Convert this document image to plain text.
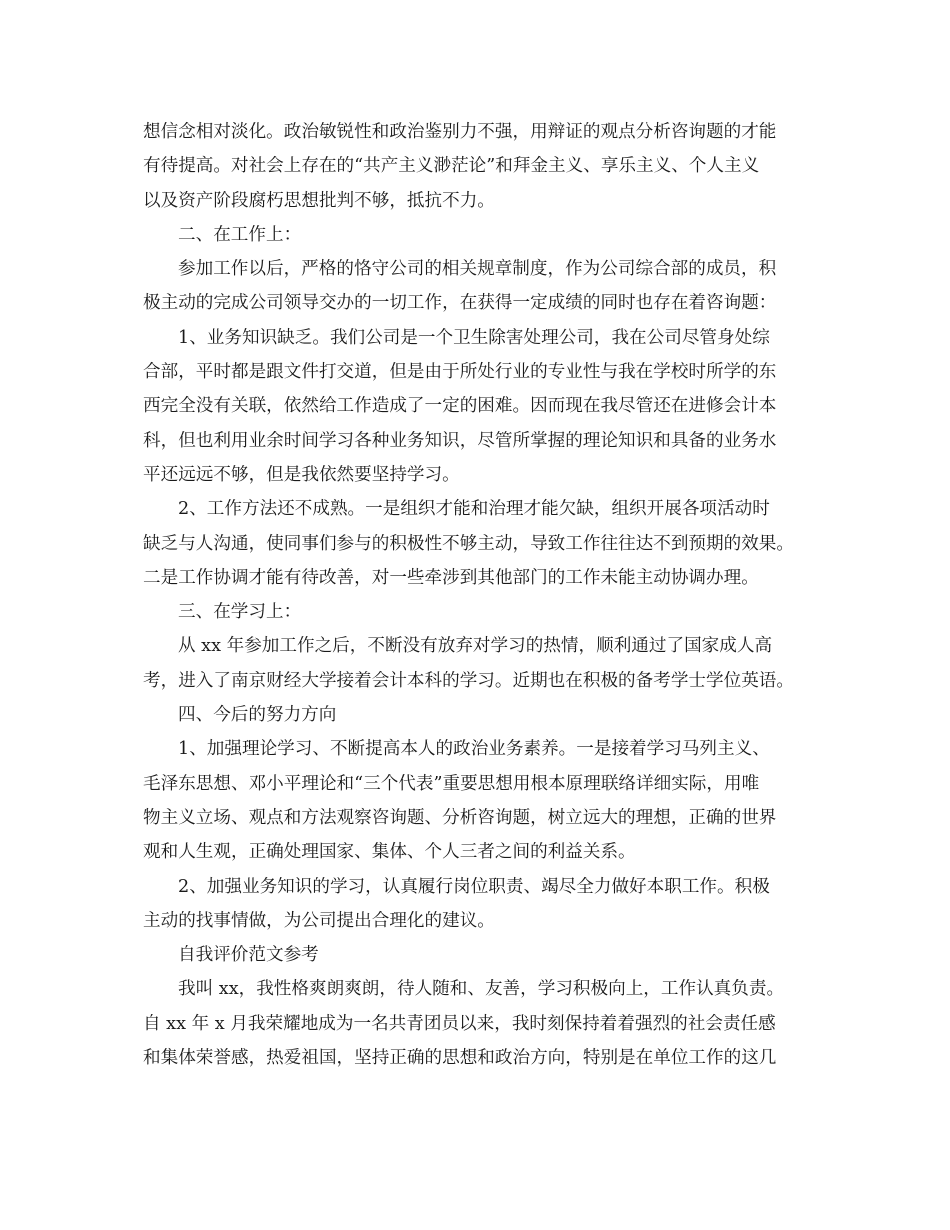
想信念相对淡化。政治敏锐性和政治鉴别力不强，用辩证的观点分析咨询题的才能
有待提高。对社会上存在的“共产主义渺茫论”和拜金主义、享乐主义、个人主义
以及资产阶段腐朽思想批判不够，抵抗不力。
二、在工作上：
参加工作以后，严格的恪守公司的相关规章制度，作为公司综合部的成员，积
极主动的完成公司领导交办的一切工作，在获得一定成绩的同时也存在着咨询题：
1、业务知识缺乏。我们公司是一个卫生除害处理公司，我在公司尽管身处综
合部，平时都是跟文件打交道，但是由于所处行业的专业性与我在学校时所学的东
西完全没有关联，依然给工作造成了一定的困难。因而现在我尽管还在进修会计本
科，但也利用业余时间学习各种业务知识，尽管所掌握的理论知识和具备的业务水
平还远远不够，但是我依然要坚持学习。
2、工作方法还不成熟。一是组织才能和治理才能欠缺，组织开展各项活动时
缺乏与人沟通，使同事们参与的积极性不够主动，导致工作往往达不到预期的效果。
二是工作协调才能有待改善，对一些牵涉到其他部门的工作未能主动协调办理。
三、在学习上：
从 xx 年参加工作之后，不断没有放弃对学习的热情，顺利通过了国家成人高
考，进入了南京财经大学接着会计本科的学习。近期也在积极的备考学士学位英语。
四、今后的努力方向
1、加强理论学习、不断提高本人的政治业务素养。一是接着学习马列主义、
毛泽东思想、邓小平理论和“三个代表”重要思想用根本原理联络详细实际，用唯
物主义立场、观点和方法观察咨询题、分析咨询题，树立远大的理想，正确的世界
观和人生观，正确处理国家、集体、个人三者之间的利益关系。
2、加强业务知识的学习，认真履行岗位职责、竭尽全力做好本职工作。积极
主动的找事情做，为公司提出合理化的建议。
自我评价范文参考
我叫 xx，我性格爽朗爽朗，待人随和、友善，学习积极向上，工作认真负责。
自 xx 年 x 月我荣耀地成为一名共青团员以来，我时刻保持着着强烈的社会责任感
和集体荣誉感，热爱祖国，坚持正确的思想和政治方向，特别是在单位工作的这几
